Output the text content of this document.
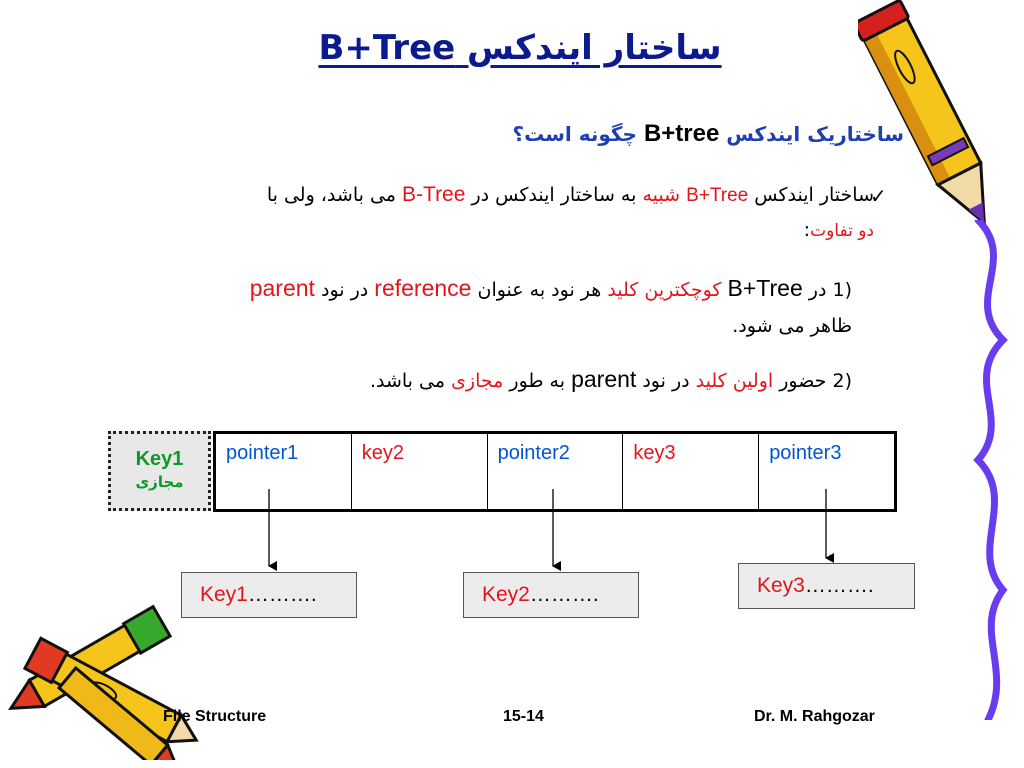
ساختار ایندکس B+Tree
ساختاریک ایندکس B+tree چگونه است؟
✓
ساختار ایندکس B+Tree شبیه به ساختار ایندکس در B-Tree می باشد، ولی با
دو تفاوت:
(1 در B+Tree کوچکترین کلید هر نود به عنوان reference در نود parent
ظاهر می شود.
(2 حضور اولین کلید در نود parent به طور مجازی می باشد.
Key1
مجازی
pointer1	key2	pointer2	key3	pointer3
Key1……….	Key2……….	Key3……….
File Structure	15-14	Dr. M. Rahgozar
